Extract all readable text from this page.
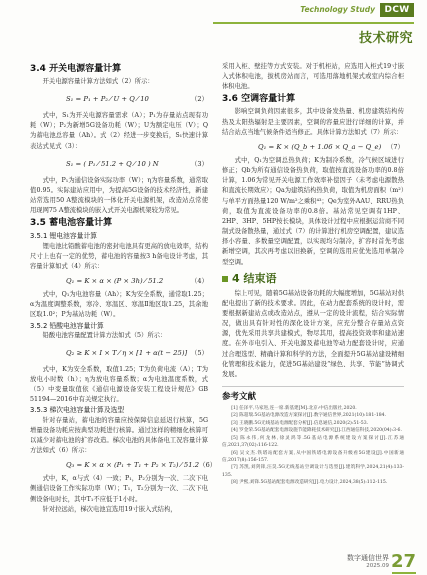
Technology Study	DCW
技术研究
3.4 开关电源容量计算

开关电源容量计算方法如式（2）所示：

S₁ = P₁ + P₂ ⁄ U + Q ⁄ 10	（2）

式中，S₁为开关电源容量需求（A）；P₁为存量站点现有功耗（W）；P₂为新增5G设备功耗（W）；U为额定电压（V）；Q为蓄电池总容量（Ah）。式（2）经进一步变换后，S₁快速计算表达式见式（3）：

S₁ = ( P₁ ⁄ 51.2 + Q ⁄ 10 ) N	（3）

式中，P₁为通信设备实际功率（W）；η为容量系数，通常取值0.95。实际建站应用中，为提高5G设备的技术经济性，新建站常选用50 A整流模块的一体化开关电源机架，改造站点常使用现网75 A整流模块的嵌入式开关电源机架较为常见。

3.5 蓄电池容量计算
3.5.1 锂电池容量计算

锂电池比铅酸蓄电池的密封电池具有更高的放电效率，结构尺寸上也有一定的优势，蓄电池的容量按3 h备电设计考虑，其容量计算如式（4）所示：

Q₁ = K × α × (P × 3h) ⁄ 51.2	（4）

式中，Q₁为电池容量（Ah）；K为安全系数，通常取1.25；α为温度调整系数，寒冷、寒温区、寒温Ⅱ地区取1.25，其余地区取1.0²；P为基站功耗（W）。

3.5.2 铅酸电池容量计算

铅酸电池容量配置计算方法如式（5）所示：

Q₂ ≥ K × I × T ⁄ η × [1 + α(t − 25)] （5）

式中，K为安全系数，取值1.25；T为负荷电流（A）；T为放电小时数（h）；η为放电容量系数；α为电池温度系数，式（5）中变量取值依《通信电源设备安装工程设计规范》GB 51194—2016中有关规定执行。

3.5.3 梯次电池容量计算及选型

针对存量站，蓄电池的容量应按保障信息延迟行核算，5G增量设备功耗应按典型功耗进行核算。通过这样的精细化核算可以减少对蓄电池的扩容改造。梯次电池的具体备电工况容量计算方法如式（6）所示：

Q₃ = K × α × (P₁ + T₁ + P₂ × T₂) ⁄ 51.2 （6）

式中，K，α与式（4）一致；P₁，P₂分别为一次、二次下电侧通信设备工作实际功率（W）；T₁，T₂分别为一次、二次下电侧设备电时长，其中T₁不应低于1小时。

针对拉远站，梯次电池宜选用19寸嵌入式结构，

采用入柜、壁挂等方式安装。对于机柜站，应选用入柜式19寸嵌入式体积电池，拔机房站而言，可选用落地机架式或室内综合柜体积电池。

3.6 空调容量计算

影响空调负荷因素很多，其中设备发热量、机房建筑结构传热及太阳热辐射是主要因素，空调的容量应进行详细的计算，并结合站点当地气候条件适当修正。具体计算方法如式（7）所示：

Q₁ = K × (Q_b + 1.06 × Q_a − Q_e) （7）

式中，Q₁为空调总热负荷；K为制冷系数，冷气候区域进行修正；Qb为所有通信设备热负荷，取值按直流设备功率的0.8倍计算，1.06为常见开关电源工作效率补偿因子（未考虑电源散热和直流长期效应）；Qa为建筑结构热负荷，取值为机房面积（m²）与单平方面热量120 W/m²之乘积⁴³；Qe为室外AAU、RRU热负荷，取值为直流设备功率的0.8倍。基站常见空调有1HP、2HP、3HP、5HP按长模块，具体设计过程中应根据运营商不同制式设备散热量，通过式（7）的计算进行机房空调配置，建议选择小容量、多数量空调配置，以实现均匀制冷，扩容时首先考虑新增空调，其次再考虑以旧换新，空调的选用应优先选用单制冷型空调。

4 结束语

综上可见，随着5G基站设备功耗的大幅度增加，5G基站对供配电提出了新的技术要求。因此，在动力配套系统的设计时，需要根据新建站点或改造站点，遵从一定的设计流程，结合实际情况，做出具有针对性的深化设计方案，应充分整合存量站点资源，优先采用共享共建模式，物尽其用，提高投资效率和建站速度。在外市电引入、开关电源及蓄电池等动力配套设计时，应通过合理选型、精确计算和科学的方法，全面提升5G基站建设精细化管理和技术能力，促进5G基站建设“绿色、共享、节能”协调式发展。

参考文献

[1] 任泽平,马家进,连一席.新基建[M].北京:中信出版社,2020.

[2] 陈超瑞.5G基站电源改造方案探讨[J].数字通信世界,2021(10):181-184.

[3] 王晓鹏.5G无线基站电源配套分析[J].信息通信,2020(2):51-53.

[4] 罗金荣.5G基站配套电源设施节能降耗技术研究[J].江西通信科技,2020(04):3-6.

[5] 陈永伟,何龙林,徐灵鸿等.5G基站电源系统建设方案探讨[J].江苏通信,2021,37(02):116-122.

[6] 吴文杰.铁塔站配套方案,从中国铁塔电源设备升级看5G建设[J].中国新通信,2017(8):156-157.

[7] 苏凯,刘剑锋,汪昊.5G无线基站空调设计与选型[J].建筑科学,2024,21(4):133-135.

[8] 尹熙,刘锋.5G基站配套电源改造研究[J].电力设计,2024,38(5):112-115.

数字通信世界
2025.09 27
